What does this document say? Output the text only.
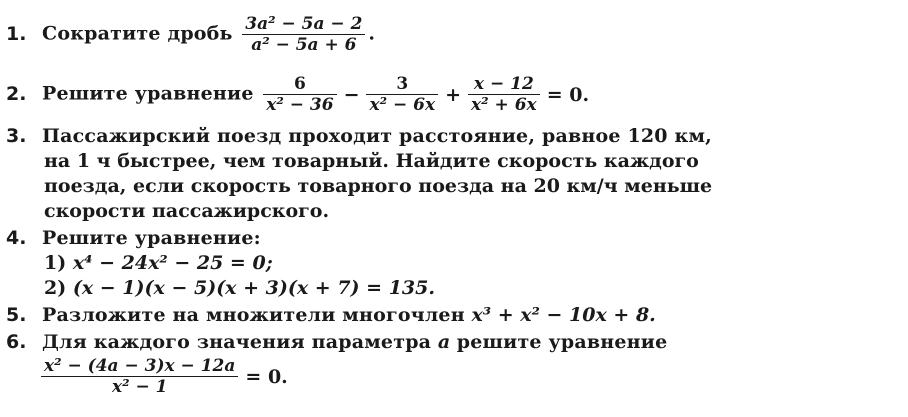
1. Сократите дробь $\frac{\text{3a² − 5a − 2}}{\text{a² − 5a + 6}}$ .
2. Решите уравнение $\frac{6}{\text{x² − 36}} - \frac{3}{\text{x² − 6x}} + \frac{x - 12}{\text{x² + 6x}} = 0$.
3. Пассажирский поезд проходит расстояние, равное 120 км,
на 1 ч быстрее, чем товарный. Найдите скорость каждого
поезда, если скорость товарного поезда на 20 км/ч меньше
скорости пассажирского.
4. Решите уравнение:
1) x⁴ − 24x² − 25 = 0;
2) (x − 1)(x − 5)(x + 3)(x + 7) = 135.
5. Разложите на множители многочлен x³ + x² − 10x + 8.
6. Для каждого значения параметра a решите уравнение
$\frac{\text{x² − (4a − 3)x − 12a}}{\text{x² − 1}} = 0$.
